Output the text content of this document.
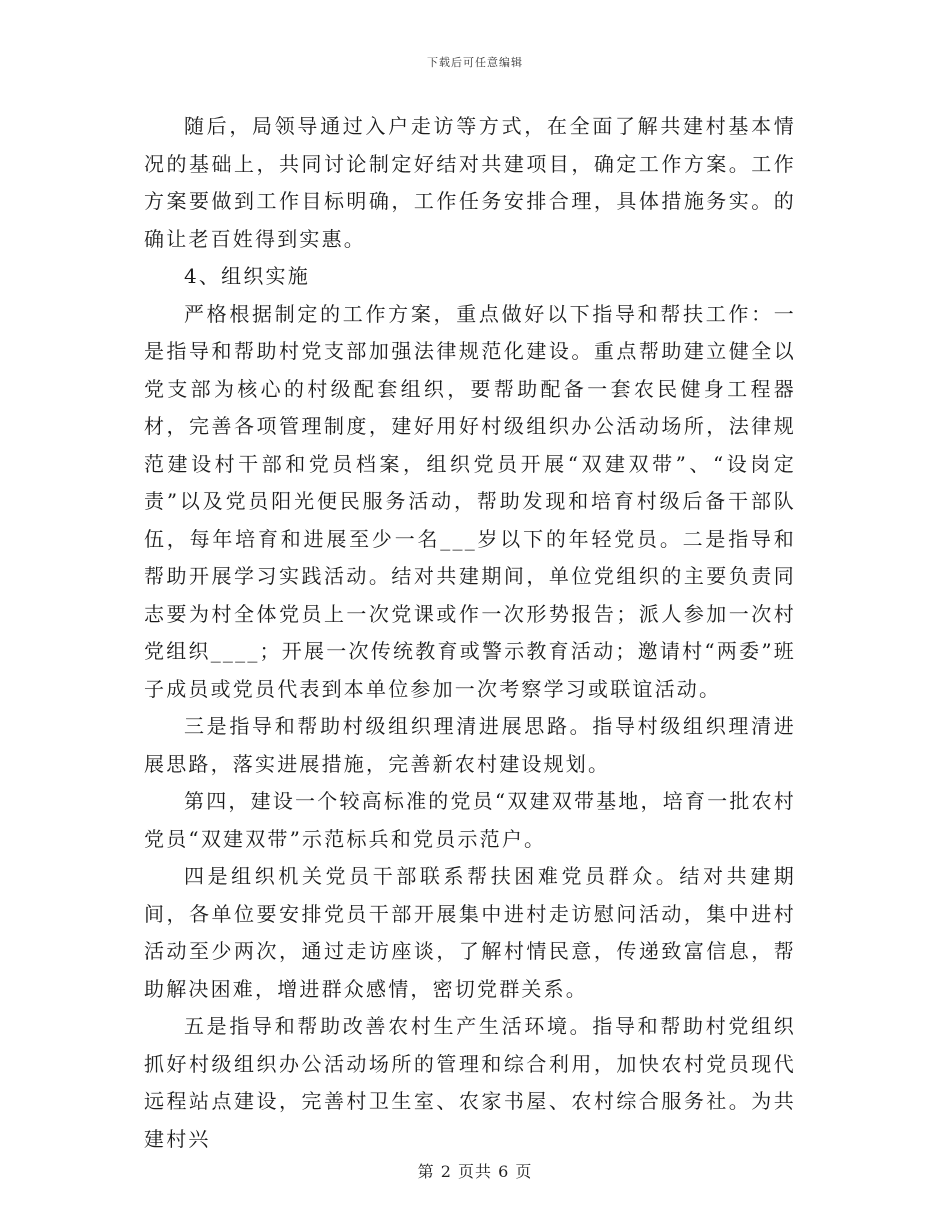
下载后可任意编辑

随后，局领导通过入户走访等方式，在全面了解共建村基本情况的基础上，共同讨论制定好结对共建项目，确定工作方案。工作方案要做到工作目标明确，工作任务安排合理，具体措施务实。的确让老百姓得到实惠。

4、组织实施

严格根据制定的工作方案，重点做好以下指导和帮扶工作：一是指导和帮助村党支部加强法律规范化建设。重点帮助建立健全以党支部为核心的村级配套组织，要帮助配备一套农民健身工程器材，完善各项管理制度，建好用好村级组织办公活动场所，法律规范建设村干部和党员档案，组织党员开展“双建双带”、“设岗定责”以及党员阳光便民服务活动，帮助发现和培育村级后备干部队伍，每年培育和进展至少一名___岁以下的年轻党员。二是指导和帮助开展学习实践活动。结对共建期间，单位党组织的主要负责同志要为村全体党员上一次党课或作一次形势报告；派人参加一次村党组织____；开展一次传统教育或警示教育活动；邀请村“两委”班子成员或党员代表到本单位参加一次考察学习或联谊活动。

三是指导和帮助村级组织理清进展思路。指导村级组织理清进展思路，落实进展措施，完善新农村建设规划。

第四，建设一个较高标准的党员“双建双带基地，培育一批农村党员“双建双带”示范标兵和党员示范户。

四是组织机关党员干部联系帮扶困难党员群众。结对共建期间，各单位要安排党员干部开展集中进村走访慰问活动，集中进村活动至少两次，通过走访座谈，了解村情民意，传递致富信息，帮助解决困难，增进群众感情，密切党群关系。

五是指导和帮助改善农村生产生活环境。指导和帮助村党组织抓好村级组织办公活动场所的管理和综合利用，加快农村党员现代远程站点建设，完善村卫生室、农家书屋、农村综合服务社。为共建村兴

第 2 页共 6 页
